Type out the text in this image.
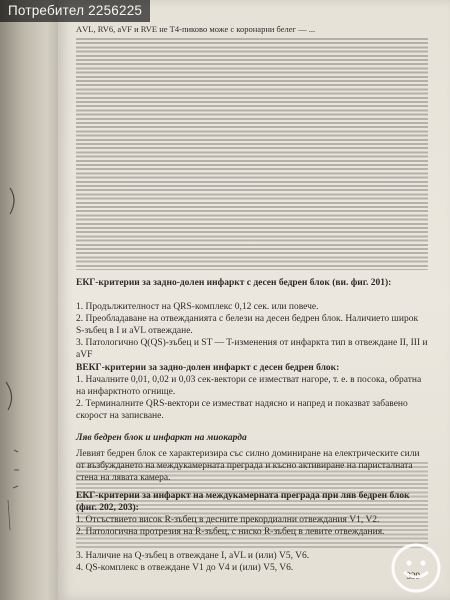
АVL, RV6, aVF и RVE не Т4-пиково може с коронарни белег — ...

ЕКГ-критерии за задно-долен инфаркт с десен бедрен блок (ви. фиг. 201):

1. Продължителност на QRS-комплекс 0,12 сек. или повече.

2. Преобладаване на отвежданията с белези на десен бедрен блок. Наличието широк S-зъбец в I и aVL отвеждане.

3. Патологично Q(QS)-зъбец и ST — T-изменения от инфаркта тип в отвеждане II, III и aVF

ВЕКГ-критерии за задно-долен инфаркт с десен бедрен блок:

1. Началните 0,01, 0,02 и 0,03 сек-вектори се изместват нагоре, т. е. в посока, обратна на инфарктното огнище.

2. Терминалните QRS-вектори се изместват надясно и напред и показват забавено скорост на записване.

Ляв бедрен блок и инфаркт на миокарда

Левият бедрен блок се характеризира със силно доминиране на електрическите сили от възбуждането на междукамерната преграда и късно активиране на паристалната стена на лявата камера.

ЕКГ-критерии за инфаркт на междукамерната преграда при ляв бедрен блок (фиг. 202, 203):

1. Отсъствието висок R-зъбец в десните прекордиални отвеждания V1, V2.

2. Патологична протрезия на R-зъбец, с ниско R-зъбец в левите отвеждания.

3. Наличие на Q-зъбец в отвеждане I, aVL и (или) V5, V6.

4. QS-комплекс в отвеждане V1 до V4 и (или) V5, V6.

339

Потребител 2256225
